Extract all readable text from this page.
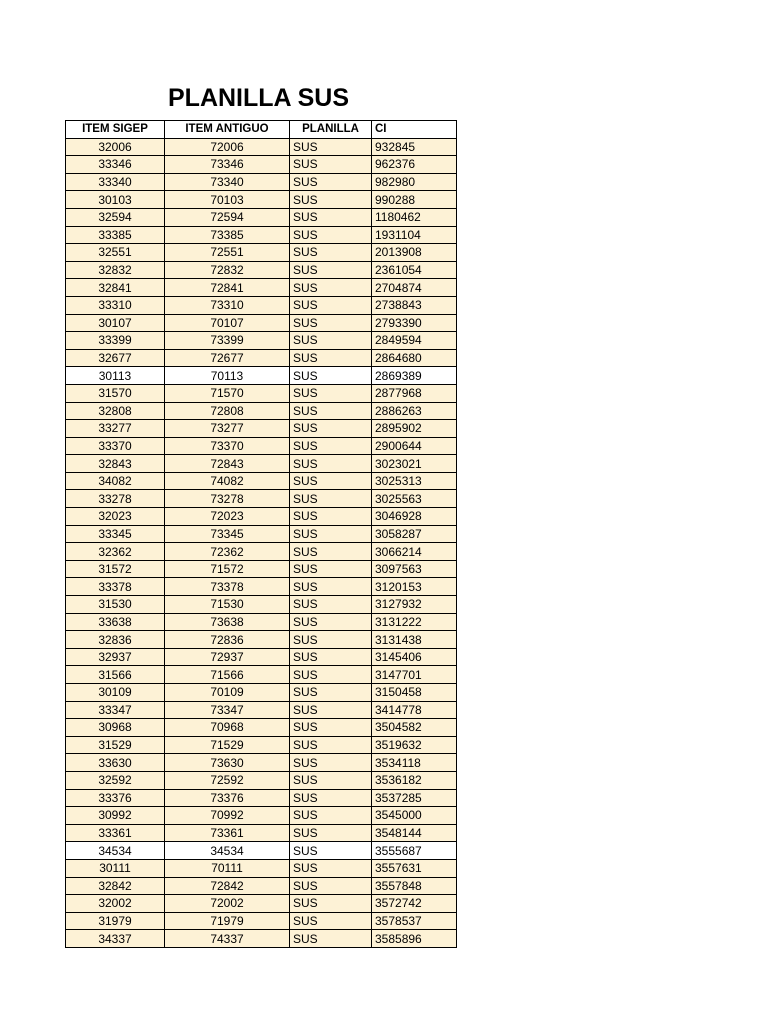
PLANILLA SUS
ITEM SIGEP	ITEM ANTIGUO	PLANILLA	CI
32006	72006	SUS	932845
33346	73346	SUS	962376
33340	73340	SUS	982980
30103	70103	SUS	990288
32594	72594	SUS	1180462
33385	73385	SUS	1931104
32551	72551	SUS	2013908
32832	72832	SUS	2361054
32841	72841	SUS	2704874
33310	73310	SUS	2738843
30107	70107	SUS	2793390
33399	73399	SUS	2849594
32677	72677	SUS	2864680
30113	70113	SUS	2869389
31570	71570	SUS	2877968
32808	72808	SUS	2886263
33277	73277	SUS	2895902
33370	73370	SUS	2900644
32843	72843	SUS	3023021
34082	74082	SUS	3025313
33278	73278	SUS	3025563
32023	72023	SUS	3046928
33345	73345	SUS	3058287
32362	72362	SUS	3066214
31572	71572	SUS	3097563
33378	73378	SUS	3120153
31530	71530	SUS	3127932
33638	73638	SUS	3131222
32836	72836	SUS	3131438
32937	72937	SUS	3145406
31566	71566	SUS	3147701
30109	70109	SUS	3150458
33347	73347	SUS	3414778
30968	70968	SUS	3504582
31529	71529	SUS	3519632
33630	73630	SUS	3534118
32592	72592	SUS	3536182
33376	73376	SUS	3537285
30992	70992	SUS	3545000
33361	73361	SUS	3548144
34534	34534	SUS	3555687
30111	70111	SUS	3557631
32842	72842	SUS	3557848
32002	72002	SUS	3572742
31979	71979	SUS	3578537
34337	74337	SUS	3585896
